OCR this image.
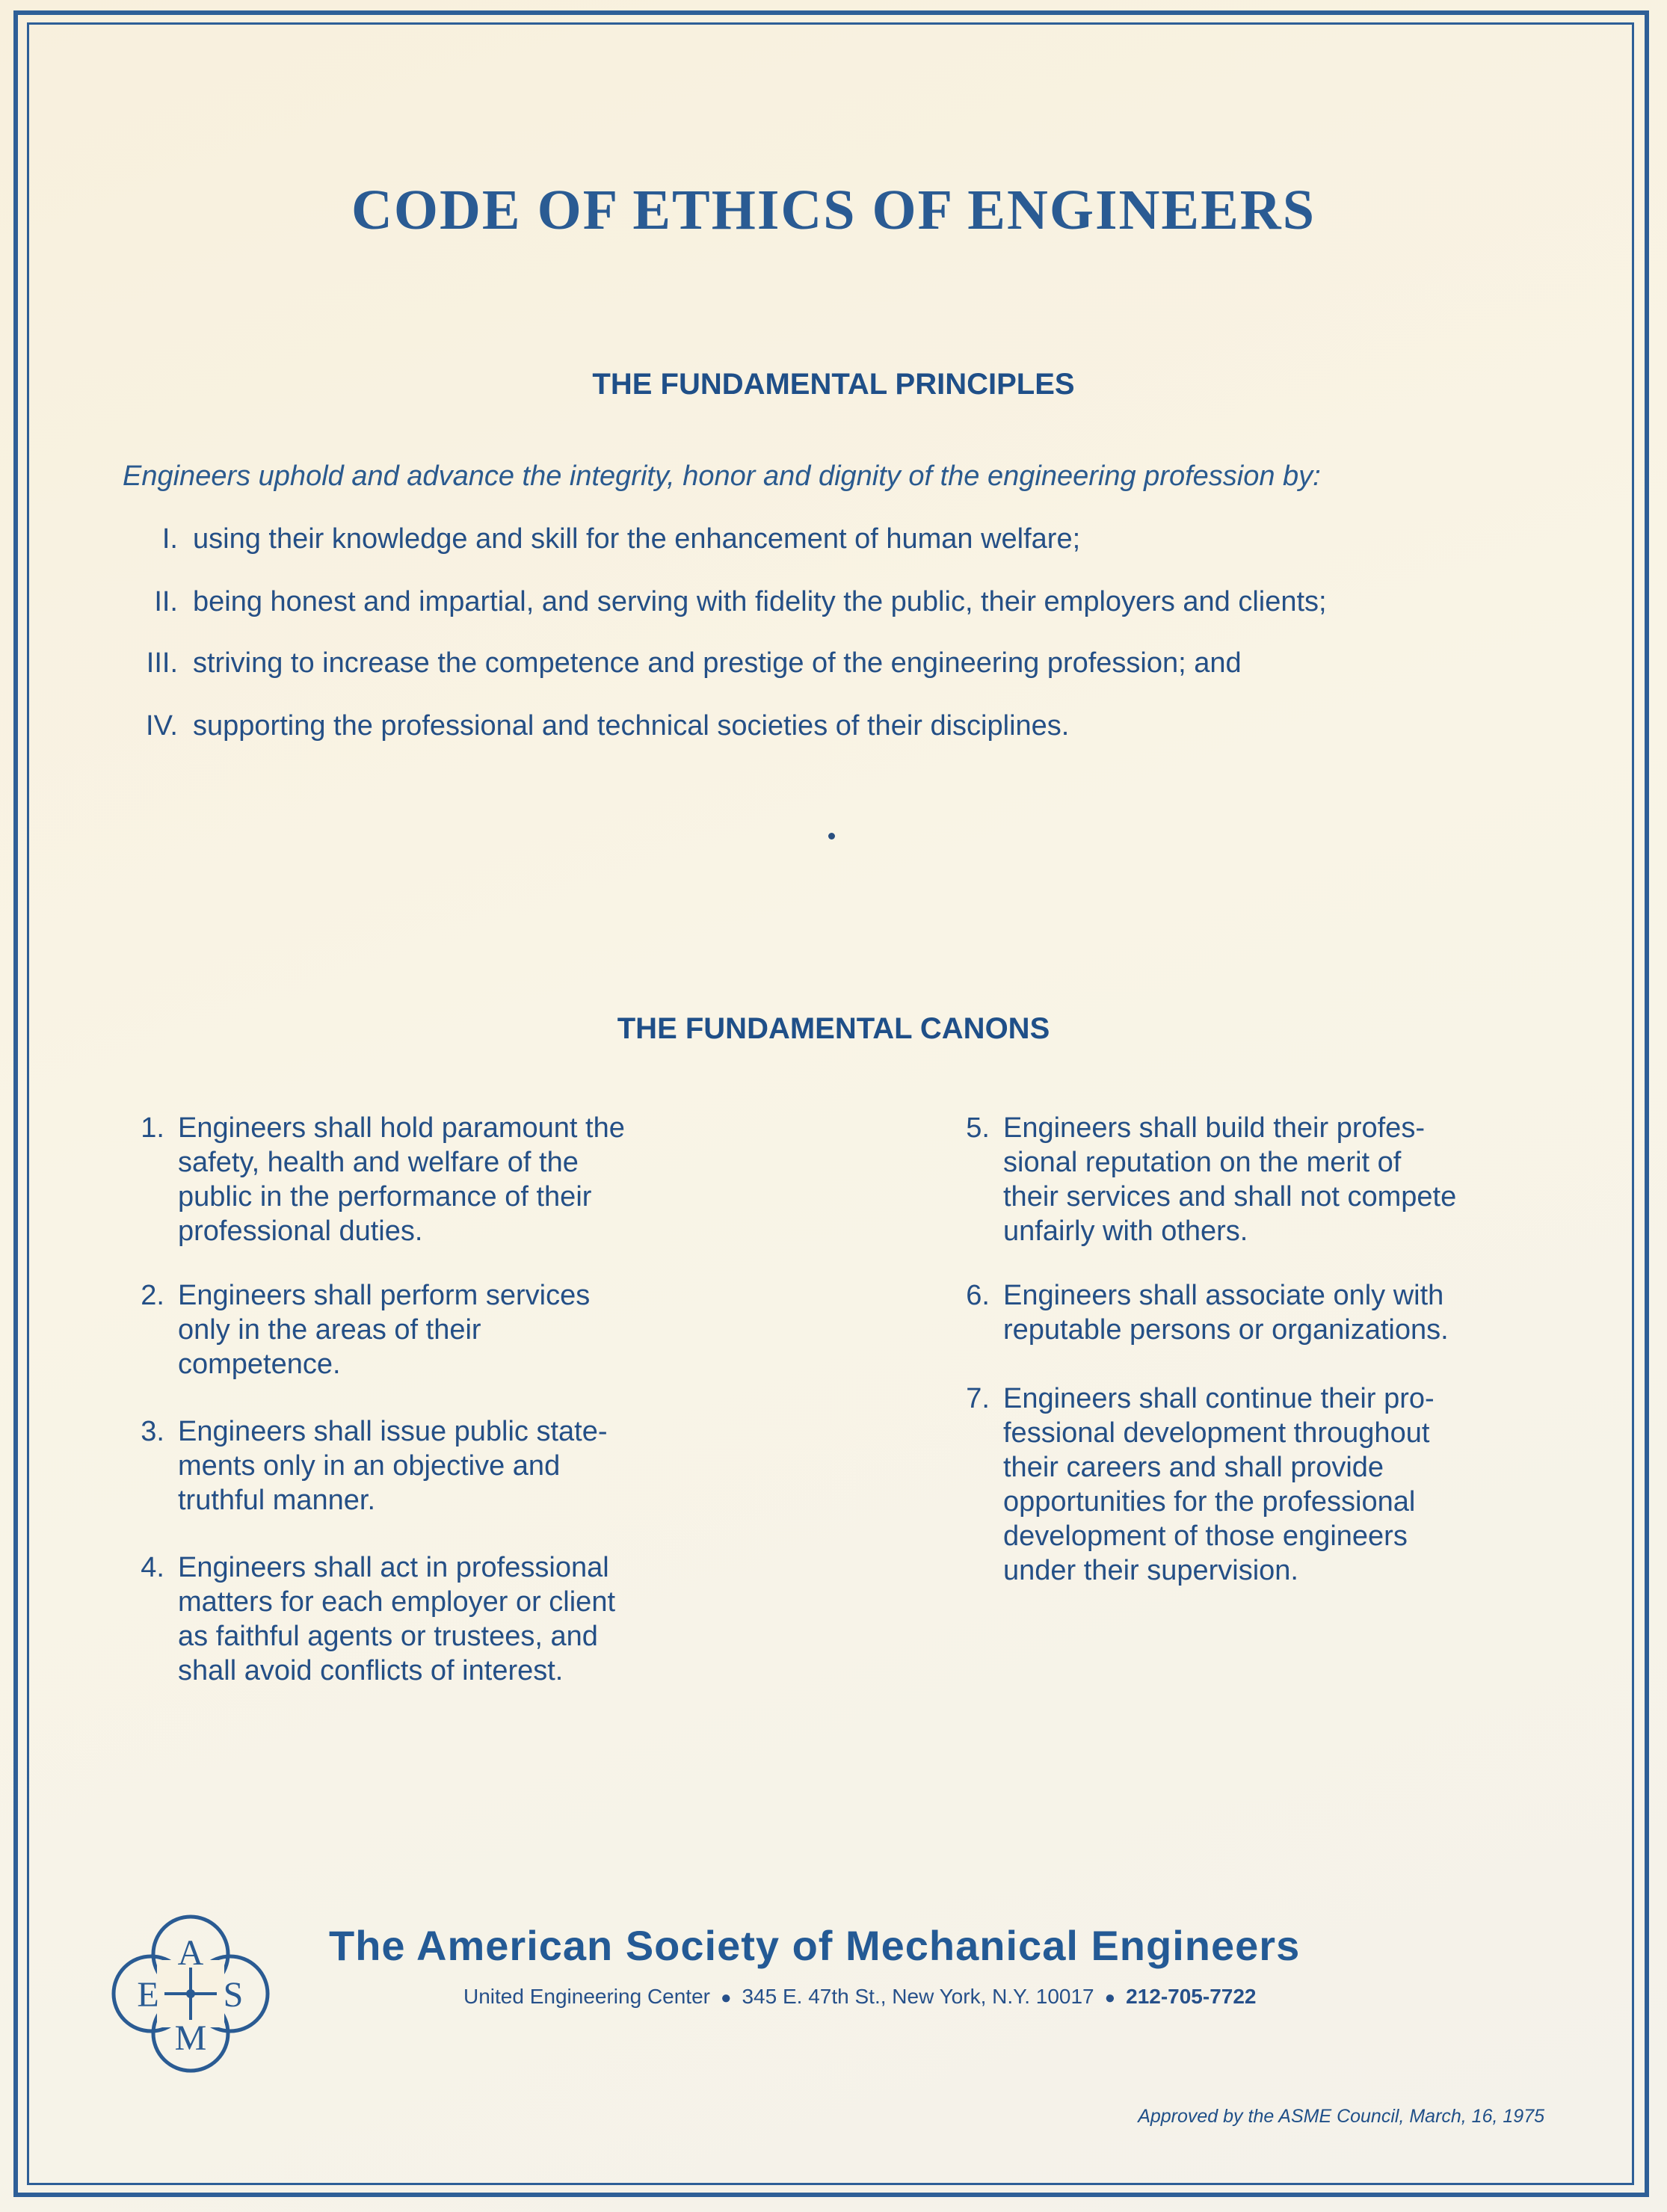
CODE OF ETHICS OF ENGINEERS
THE FUNDAMENTAL PRINCIPLES
Engineers uphold and advance the integrity, honor and dignity of the engineering profession by:
I. using their knowledge and skill for the enhancement of human welfare;
II. being honest and impartial, and serving with fidelity the public, their employers and clients;
III. striving to increase the competence and prestige of the engineering profession; and
IV. supporting the professional and technical societies of their disciplines.
THE FUNDAMENTAL CANONS
1. Engineers shall hold paramount the
safety, health and welfare of the
public in the performance of their
professional duties.
2. Engineers shall perform services
only in the areas of their
competence.
3. Engineers shall issue public state-
ments only in an objective and
truthful manner.
4. Engineers shall act in professional
matters for each employer or client
as faithful agents or trustees, and
shall avoid conflicts of interest.
5. Engineers shall build their profes-
sional reputation on the merit of
their services and shall not compete
unfairly with others.
6. Engineers shall associate only with
reputable persons or organizations.
7. Engineers shall continue their pro-
fessional development throughout
their careers and shall provide
opportunities for the professional
development of those engineers
under their supervision.
A
S
M
E
The American Society of Mechanical Engineers
United Engineering Center ● 345 E. 47th St., New York, N.Y. 10017 ● 212-705-7722
Approved by the ASME Council, March, 16, 1975
